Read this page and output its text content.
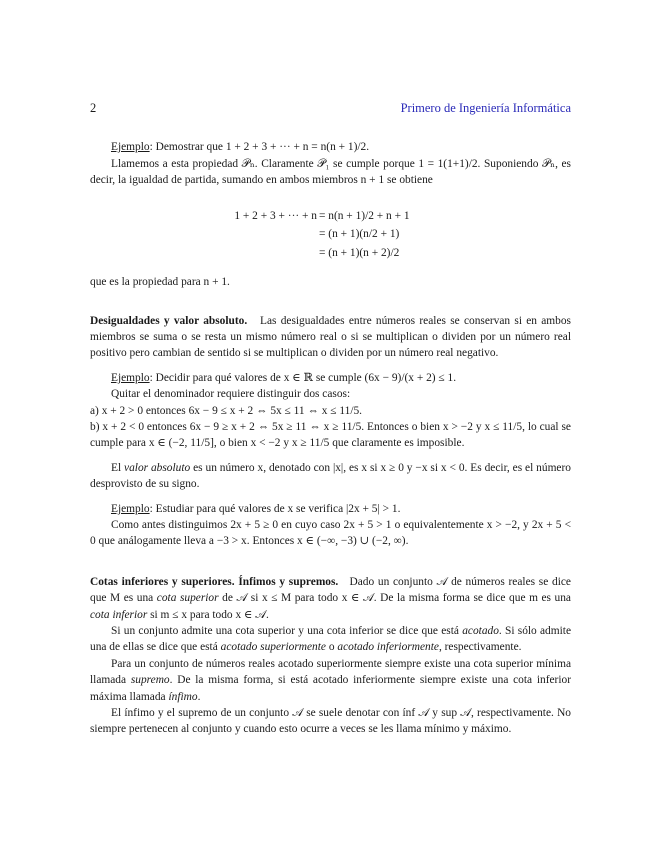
2	Primero de Ingeniería Informática

Ejemplo: Demostrar que 1 + 2 + 3 + ··· + n = n(n + 1)/2.

Llamemos a esta propiedad 𝒫ₙ. Claramente 𝒫₁ se cumple porque 1 = 1(1+1)/2. Suponiendo 𝒫ₙ, es decir, la igualdad de partida, sumando en ambos miembros n + 1 se obtiene

1 + 2 + 3 + ··· + n = n(n + 1)/2 + n + 1
= (n + 1)(n/2 + 1)
= (n + 1)(n + 2)/2

que es la propiedad para n + 1.

Desigualdades y valor absoluto. Las desigualdades entre números reales se conservan si en ambos miembros se suma o se resta un mismo número real o si se multiplican o dividen por un número real positivo pero cambian de sentido si se multiplican o dividen por un número real negativo.

Ejemplo: Decidir para qué valores de x ∈ ℝ se cumple (6x − 9)/(x + 2) ≤ 1.

Quitar el denominador requiere distinguir dos casos:

a) x + 2 > 0 entonces 6x − 9 ≤ x + 2 ⇔ 5x ≤ 11 ⇔ x ≤ 11/5.

b) x + 2 < 0 entonces 6x − 9 ≥ x + 2 ⇔ 5x ≥ 11 ⇔ x ≥ 11/5. Entonces o bien x > −2 y x ≤ 11/5, lo cual se cumple para x ∈ (−2, 11/5], o bien x < −2 y x ≥ 11/5 que claramente es imposible.

El valor absoluto es un número x, denotado con |x|, es x si x ≥ 0 y −x si x < 0. Es decir, es el número desprovisto de su signo.

Ejemplo: Estudiar para qué valores de x se verifica |2x + 5| > 1.

Como antes distinguimos 2x + 5 ≥ 0 en cuyo caso 2x + 5 > 1 o equivalentemente x > −2, y 2x + 5 < 0 que análogamente lleva a −3 > x. Entonces x ∈ (−∞, −3) ∪ (−2, ∞).

Cotas inferiores y superiores. Ínfimos y supremos. Dado un conjunto 𝒜 de números reales se dice que M es una cota superior de 𝒜 si x ≤ M para todo x ∈ 𝒜. De la misma forma se dice que m es una cota inferior si m ≤ x para todo x ∈ 𝒜.

Si un conjunto admite una cota superior y una cota inferior se dice que está acotado. Si sólo admite una de ellas se dice que está acotado superiormente o acotado inferiormente, respectivamente.

Para un conjunto de números reales acotado superiormente siempre existe una cota superior mínima llamada supremo. De la misma forma, si está acotado inferiormente siempre existe una cota inferior máxima llamada ínfimo.

El ínfimo y el supremo de un conjunto 𝒜 se suele denotar con ínf 𝒜 y sup 𝒜, respectivamente. No siempre pertenecen al conjunto y cuando esto ocurre a veces se les llama mínimo y máximo.
